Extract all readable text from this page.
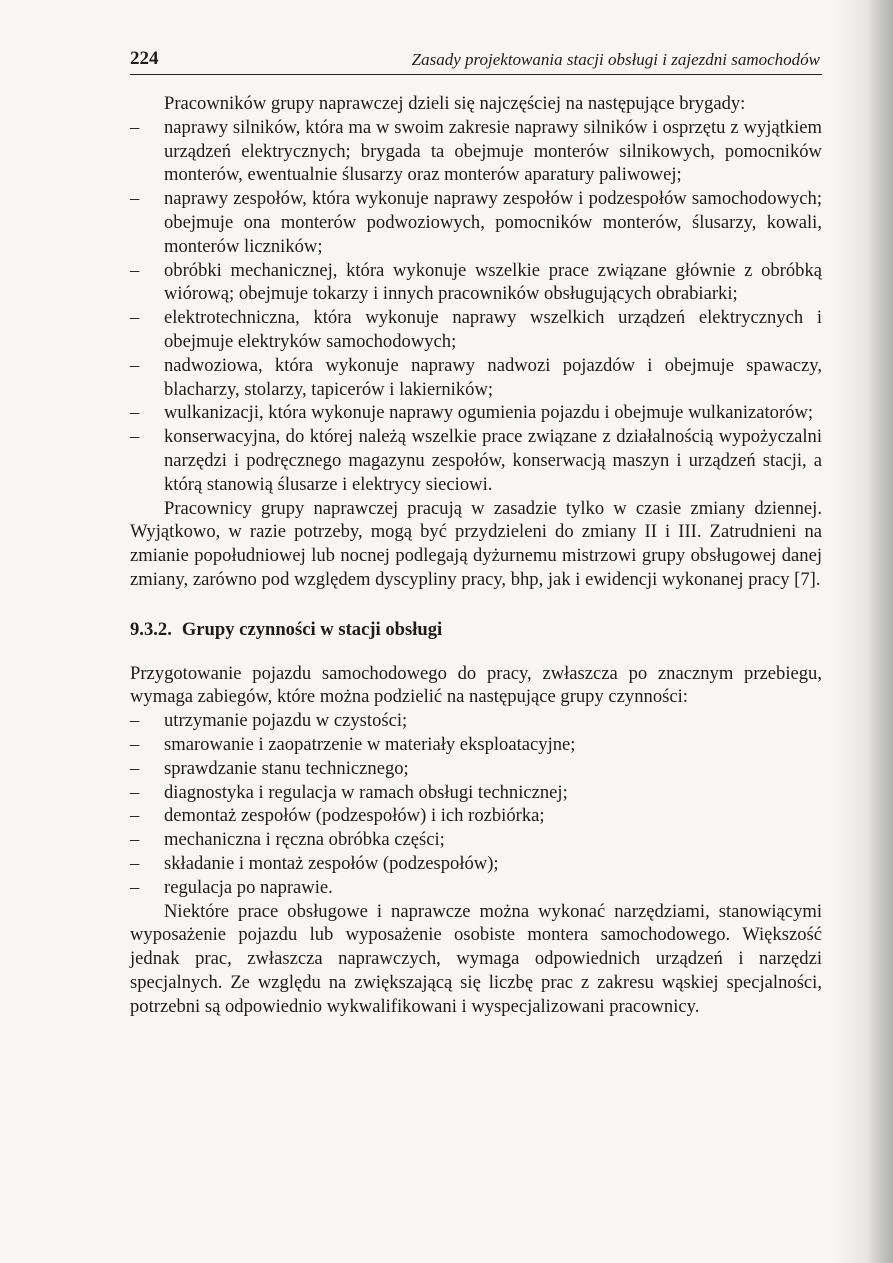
224	Zasady projektowania stacji obsługi i zajezdni samochodów

Pracowników grupy naprawczej dzieli się najczęściej na następujące brygady:

– naprawy silników, która ma w swoim zakresie naprawy silników i osprzętu z wyjątkiem urządzeń elektrycznych; brygada ta obejmuje monterów silnikowych, pomocników monterów, ewentualnie ślusarzy oraz monterów aparatury paliwowej;
– naprawy zespołów, która wykonuje naprawy zespołów i podzespołów samochodowych; obejmuje ona monterów podwoziowych, pomocników monterów, ślusarzy, kowali, monterów liczników;
– obróbki mechanicznej, która wykonuje wszelkie prace związane głównie z obróbką wiórową; obejmuje tokarzy i innych pracowników obsługujących obrabiarki;
– elektrotechniczna, która wykonuje naprawy wszelkich urządzeń elektrycznych i obejmuje elektryków samochodowych;
– nadwoziowa, która wykonuje naprawy nadwozi pojazdów i obejmuje spawaczy, blacharzy, stolarzy, tapicerów i lakierników;
– wulkanizacji, która wykonuje naprawy ogumienia pojazdu i obejmuje wulkanizatorów;
– konserwacyjna, do której należą wszelkie prace związane z działalnością wypożyczalni narzędzi i podręcznego magazynu zespołów, konserwacją maszyn i urządzeń stacji, a którą stanowią ślusarze i elektrycy sieciowi.

Pracownicy grupy naprawczej pracują w zasadzie tylko w czasie zmiany dziennej. Wyjątkowo, w razie potrzeby, mogą być przydzieleni do zmiany II i III. Zatrudnieni na zmianie popołudniowej lub nocnej podlegają dyżurnemu mistrzowi grupy obsługowej danej zmiany, zarówno pod względem dyscypliny pracy, bhp, jak i ewidencji wykonanej pracy [7].

9.3.2. Grupy czynności w stacji obsługi

Przygotowanie pojazdu samochodowego do pracy, zwłaszcza po znacznym przebiegu, wymaga zabiegów, które można podzielić na następujące grupy czynności:

– utrzymanie pojazdu w czystości;
– smarowanie i zaopatrzenie w materiały eksploatacyjne;
– sprawdzanie stanu technicznego;
– diagnostyka i regulacja w ramach obsługi technicznej;
– demontaż zespołów (podzespołów) i ich rozbiórka;
– mechaniczna i ręczna obróbka części;
– składanie i montaż zespołów (podzespołów);
– regulacja po naprawie.

Niektóre prace obsługowe i naprawcze można wykonać narzędziami, stanowiącymi wyposażenie pojazdu lub wyposażenie osobiste montera samochodowego. Większość jednak prac, zwłaszcza naprawczych, wymaga odpowiednich urządzeń i narzędzi specjalnych. Ze względu na zwiększającą się liczbę prac z zakresu wąskiej specjalności, potrzebni są odpowiednio wykwalifikowani i wyspecjalizowani pracownicy.
